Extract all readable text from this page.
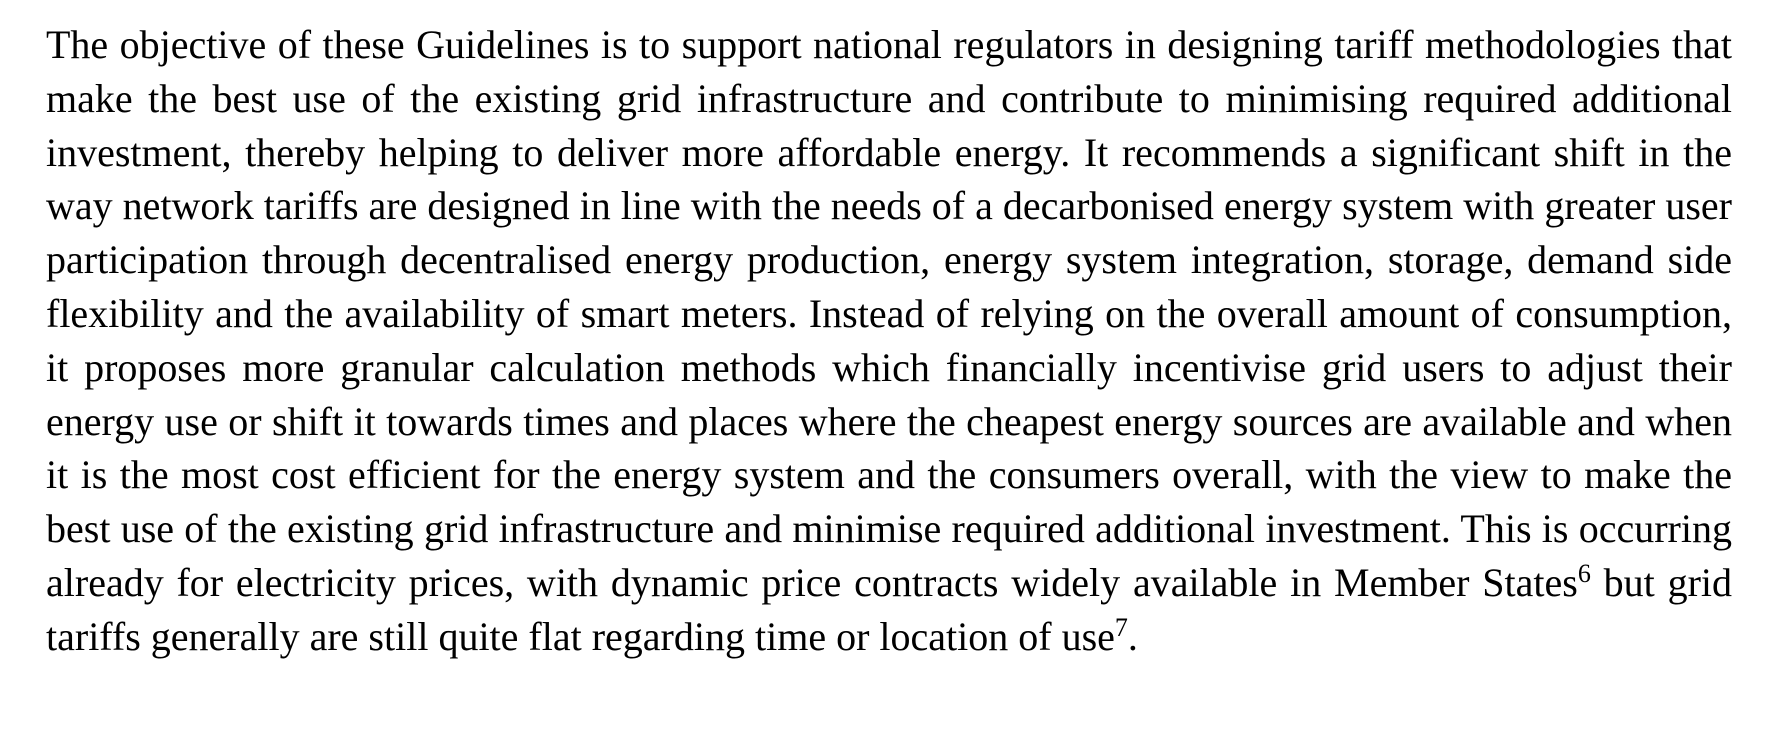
The objective of these Guidelines is to support national regulators in designing tariff methodologies that make the best use of the existing grid infrastructure and contribute to minimising required additional investment, thereby helping to deliver more affordable energy. It recommends a significant shift in the way network tariffs are designed in line with the needs of a decarbonised energy system with greater user participation through decentralised energy production, energy system integration, storage, demand side flexibility and the availability of smart meters. Instead of relying on the overall amount of consumption, it proposes more granular calculation methods which financially incentivise grid users to adjust their energy use or shift it towards times and places where the cheapest energy sources are available and when it is the most cost efficient for the energy system and the consumers overall, with the view to make the best use of the existing grid infrastructure and minimise required additional investment. This is occurring already for electricity prices, with dynamic price contracts widely available in Member States$^6$ but grid tariffs generally are still quite flat regarding time or location of use$^7$.
